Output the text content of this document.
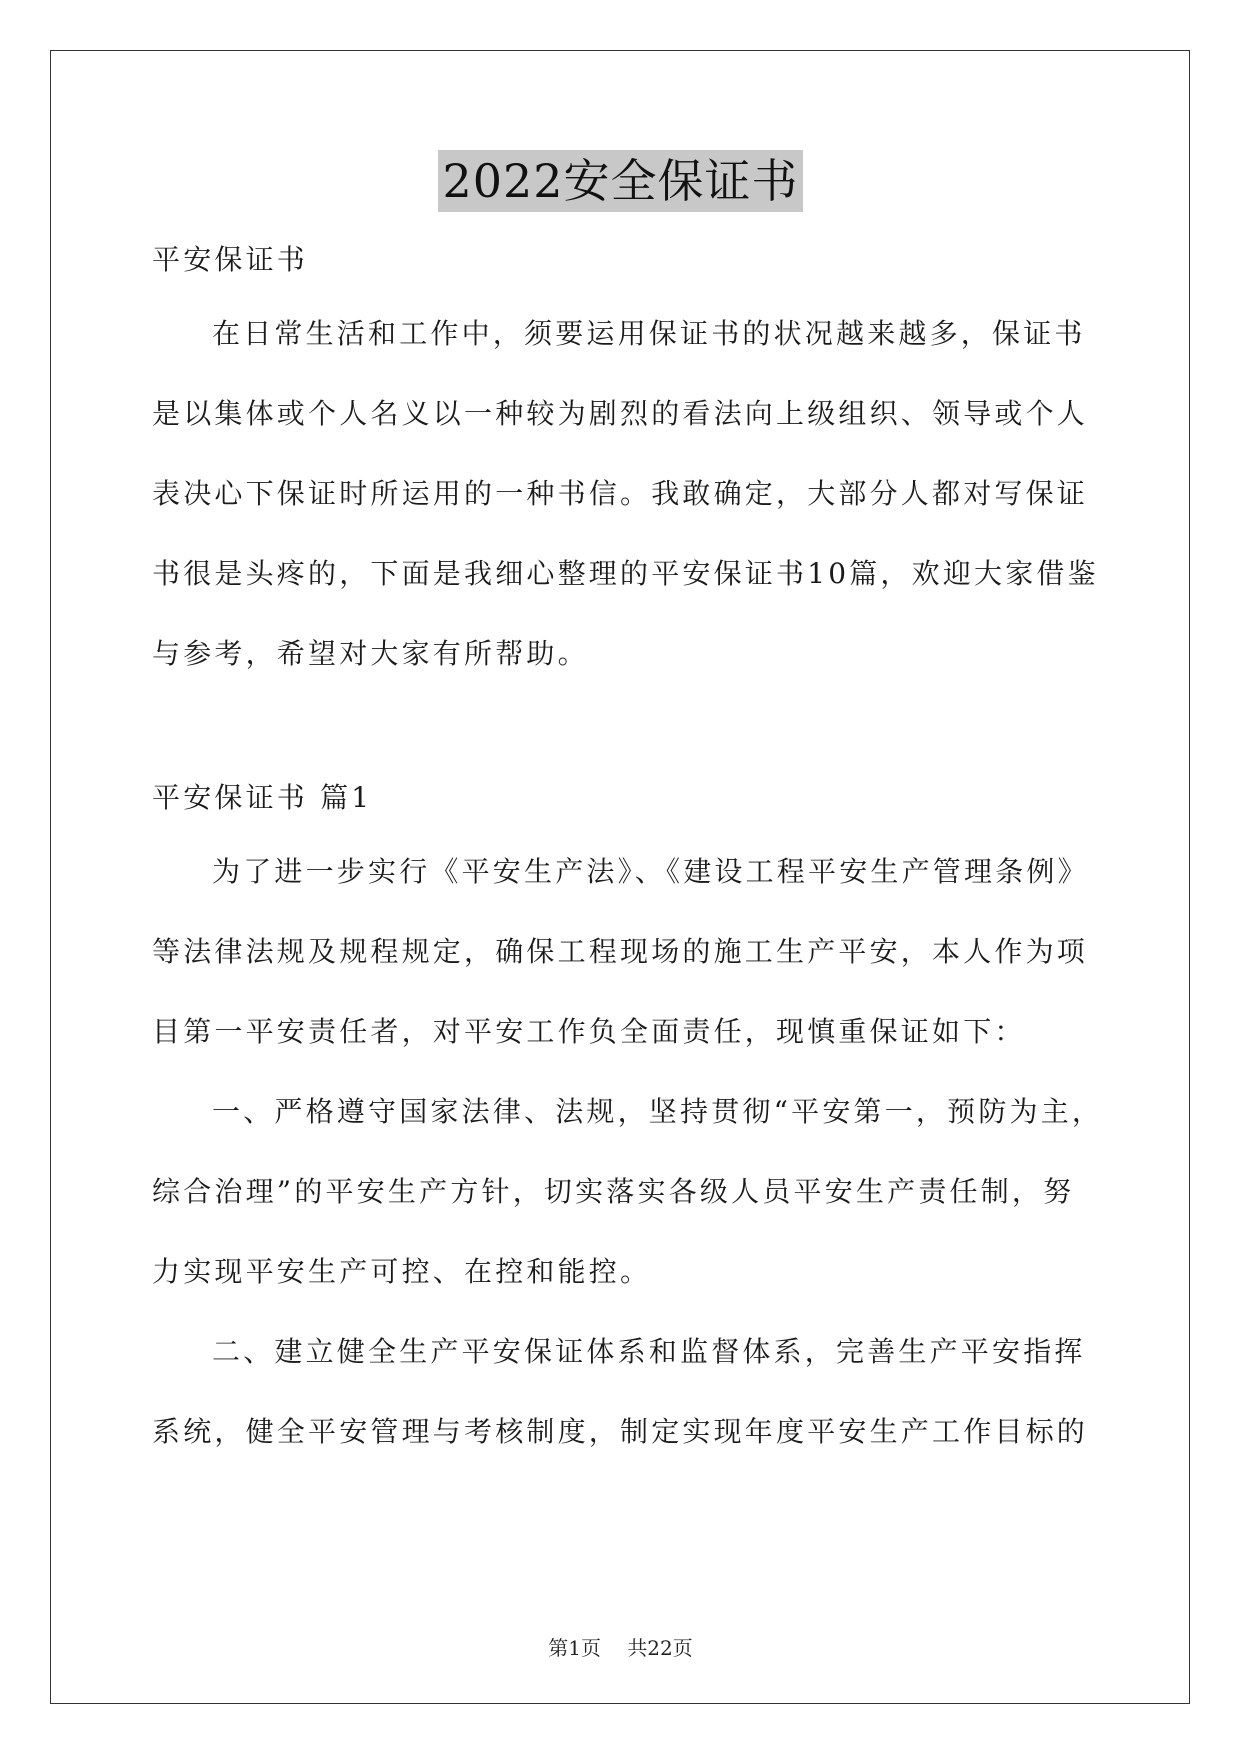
2022安全保证书
平安保证书
在日常生活和工作中，须要运用保证书的状况越来越多，保证书
是以集体或个人名义以一种较为剧烈的看法向上级组织、领导或个人
表决心下保证时所运用的一种书信。我敢确定，大部分人都对写保证
书很是头疼的，下面是我细心整理的平安保证书10篇，欢迎大家借鉴
与参考，希望对大家有所帮助。
平安保证书 篇1
为了进一步实行《平安生产法》、《建设工程平安生产管理条例》
等法律法规及规程规定，确保工程现场的施工生产平安，本人作为项
目第一平安责任者，对平安工作负全面责任，现慎重保证如下：
一、严格遵守国家法律、法规，坚持贯彻“平安第一，预防为主，
综合治理”的平安生产方针，切实落实各级人员平安生产责任制，努
力实现平安生产可控、在控和能控。
二、建立健全生产平安保证体系和监督体系，完善生产平安指挥
系统，健全平安管理与考核制度，制定实现年度平安生产工作目标的
第1页 共22页
